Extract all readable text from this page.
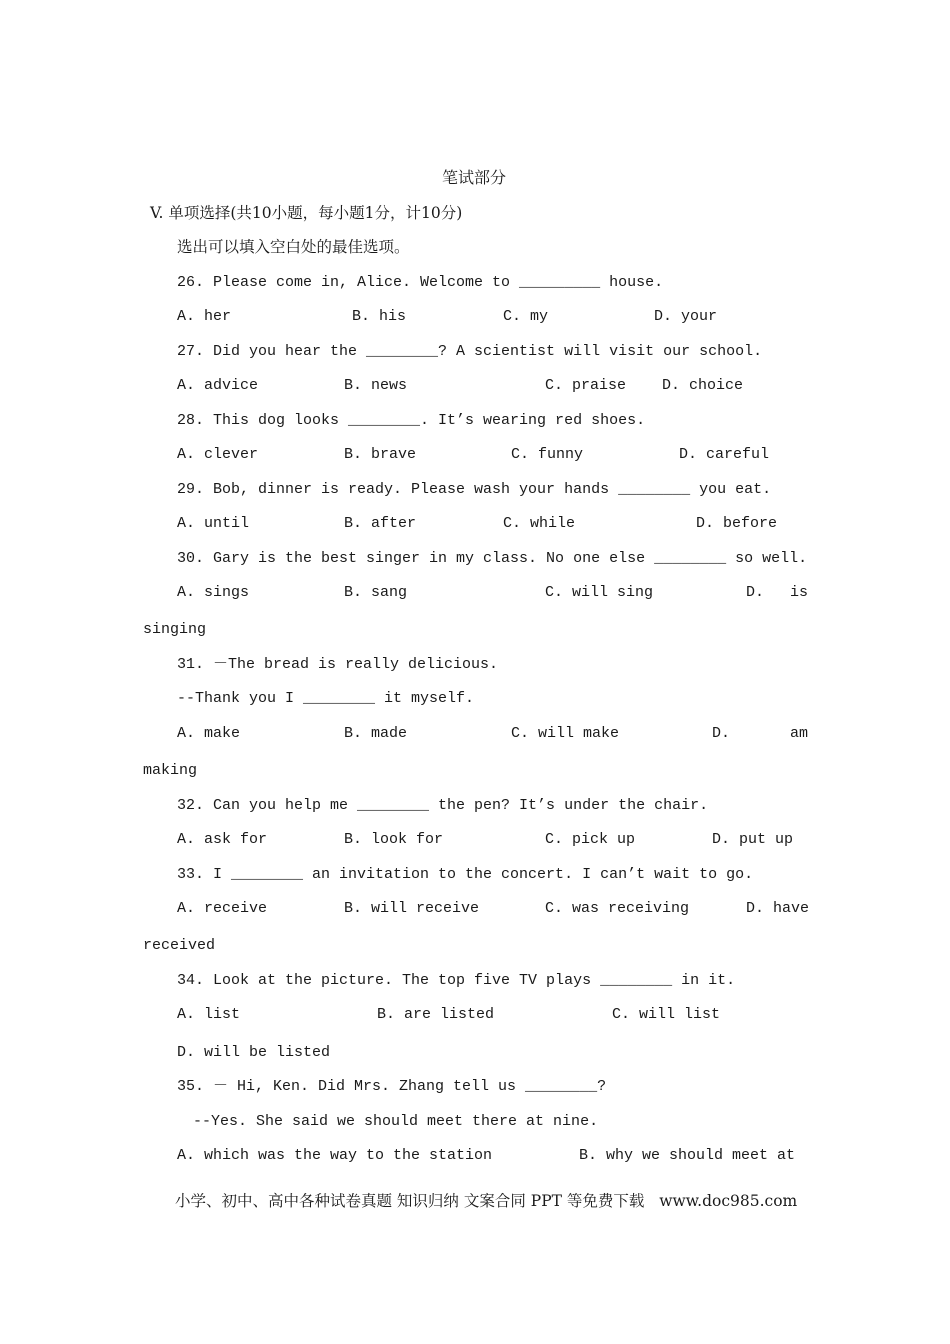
笔试部分
V. 单项选择(共10小题，每小题1分，计10分)
选出可以填入空白处的最佳选项。
26. Please come in, Alice. Welcome to _________ house.
A. her	B. his	C. my	D. your
27. Did you hear the ________? A scientist will visit our school.
A. advice	B. news	C. praise D. choice
28. This dog looks ________. It’s wearing red shoes.
A. clever	B. brave	C. funny	D. careful
29. Bob, dinner is ready. Please wash your hands ________ you eat.
A. until	B. after	C. while	D. before
30. Gary is the best singer in my class. No one else ________ so well.
A. sings	B. sang	C. will sing	D. is
singing
31. －The bread is really delicious.
--Thank you I ________ it myself.
A. make	B. made	C. will make	D.	am
making
32. Can you help me ________ the pen? It’s under the chair.
A. ask for	B. look for	C. pick up	D. put up
33. I ________ an invitation to the concert. I can’t wait to go.
A. receive	B. will receive	C. was receiving	D. have
received
34. Look at the picture. The top five TV plays ________ in it.
A. list	B. are listed	C. will list
D. will be listed
35. － Hi, Ken. Did Mrs. Zhang tell us ________?
--Yes. She said we should meet there at nine.
A. which was the way to the station	B. why we should meet at
小学、初中、高中各种试卷真题 知识归纳 文案合同 PPT 等免费下载   www.doc985.com
